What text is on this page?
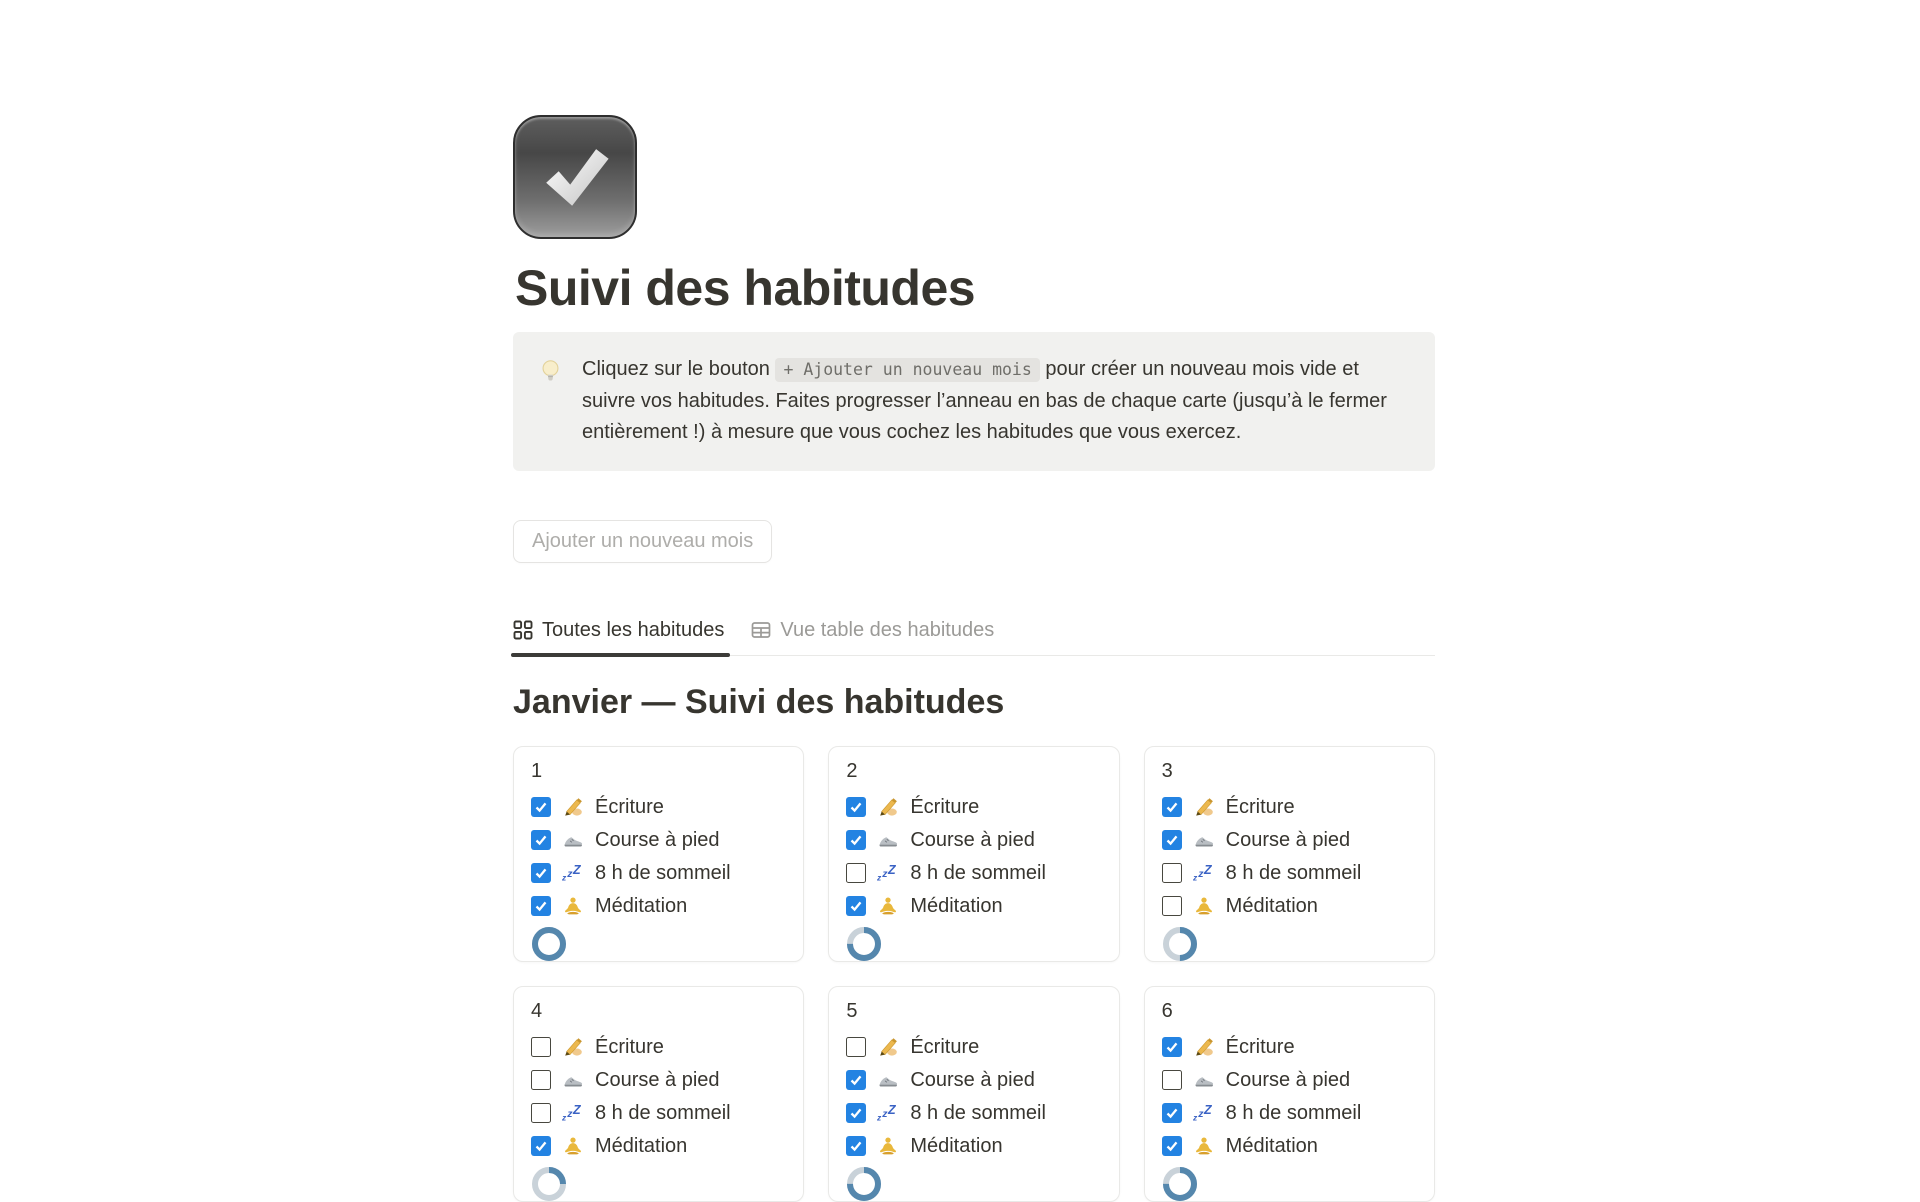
Suivi des habitudes
Cliquez sur le bouton + Ajouter un nouveau mois pour créer un nouveau mois vide et suivre vos habitudes. Faites progresser l’anneau en bas de chaque carte (jusqu’à le fermer entièrement !) à mesure que vous cochez les habitudes que vous exercez.
Ajouter un nouveau mois
Toutes les habitudes	Vue table des habitudes
Janvier — Suivi des habitudes
1
Écriture
Course à pied
z z Z 8 h de sommeil
Méditation
2
Écriture
Course à pied
z z Z 8 h de sommeil
Méditation
3
Écriture
Course à pied
z z Z 8 h de sommeil
Méditation
4
Écriture
Course à pied
z z Z 8 h de sommeil
Méditation
5
Écriture
Course à pied
z z Z 8 h de sommeil
Méditation
6
Écriture
Course à pied
z z Z 8 h de sommeil
Méditation
